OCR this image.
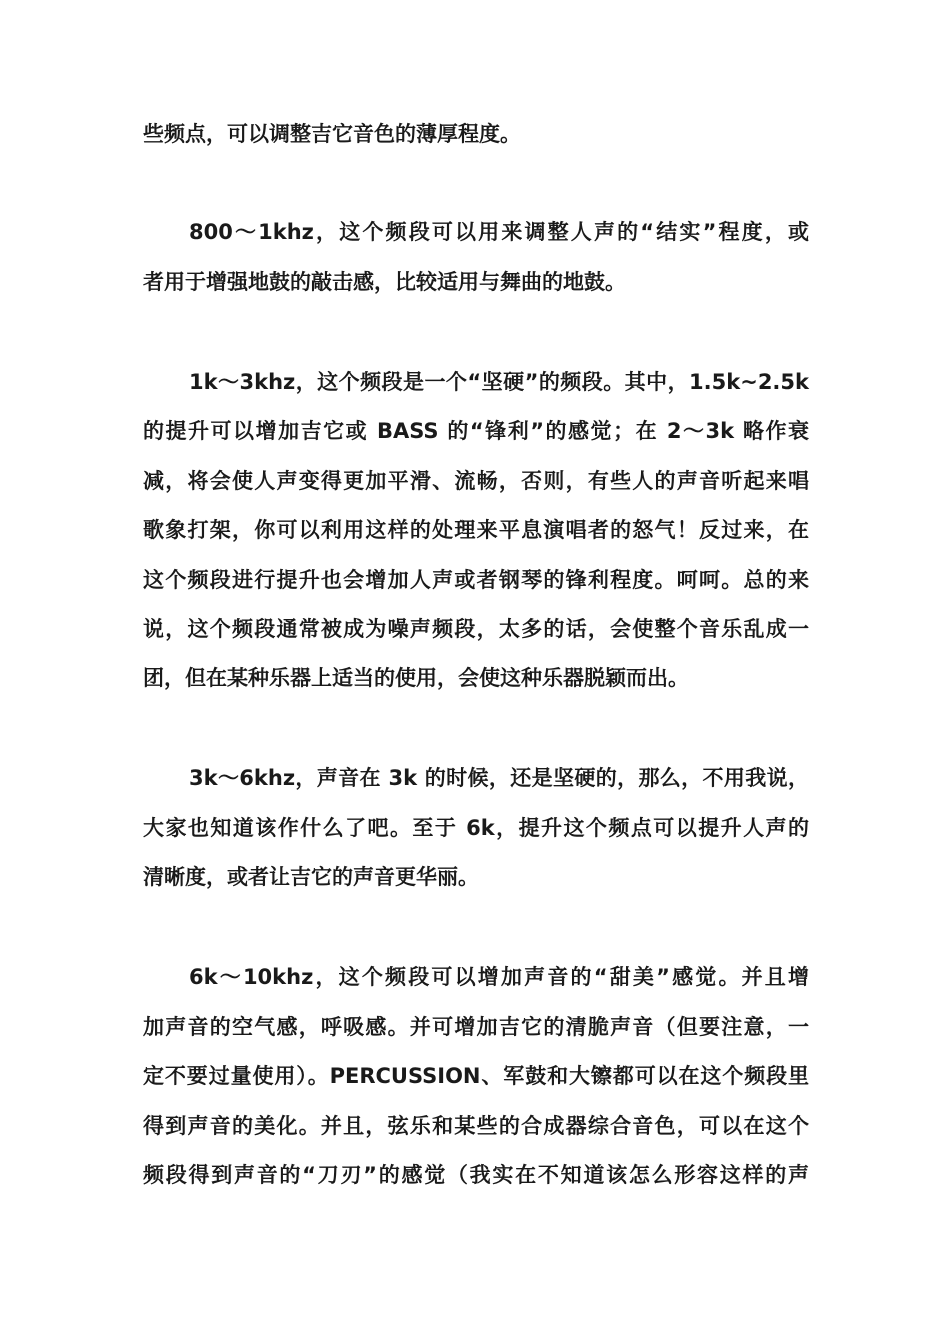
些频点，可以调整吉它音色的薄厚程度。
800～1khz，这个频段可以用来调整人声的“结实”程度，或
者用于增强地鼓的敲击感，比较适用与舞曲的地鼓。
1k～3khz，这个频段是一个“坚硬”的频段。其中，1.5k~2.5k
的提升可以增加吉它或 BASS 的“锋利”的感觉；在 2～3k 略作衰
减，将会使人声变得更加平滑、流畅，否则，有些人的声音听起来唱
歌象打架，你可以利用这样的处理来平息演唱者的怒气！反过来，在
这个频段进行提升也会增加人声或者钢琴的锋利程度。呵呵。总的来
说，这个频段通常被成为噪声频段，太多的话，会使整个音乐乱成一
团，但在某种乐器上适当的使用，会使这种乐器脱颖而出。
3k～6khz，声音在 3k 的时候，还是坚硬的，那么，不用我说，
大家也知道该作什么了吧。至于 6k，提升这个频点可以提升人声的
清晰度，或者让吉它的声音更华丽。
6k～10khz，这个频段可以增加声音的“甜美”感觉。并且增
加声音的空气感，呼吸感。并可增加吉它的清脆声音（但要注意，一
定不要过量使用）。PERCUSSION、军鼓和大镲都可以在这个频段里
得到声音的美化。并且，弦乐和某些的合成器综合音色，可以在这个
频段得到声音的“刀刃”的感觉（我实在不知道该怎么形容这样的声
